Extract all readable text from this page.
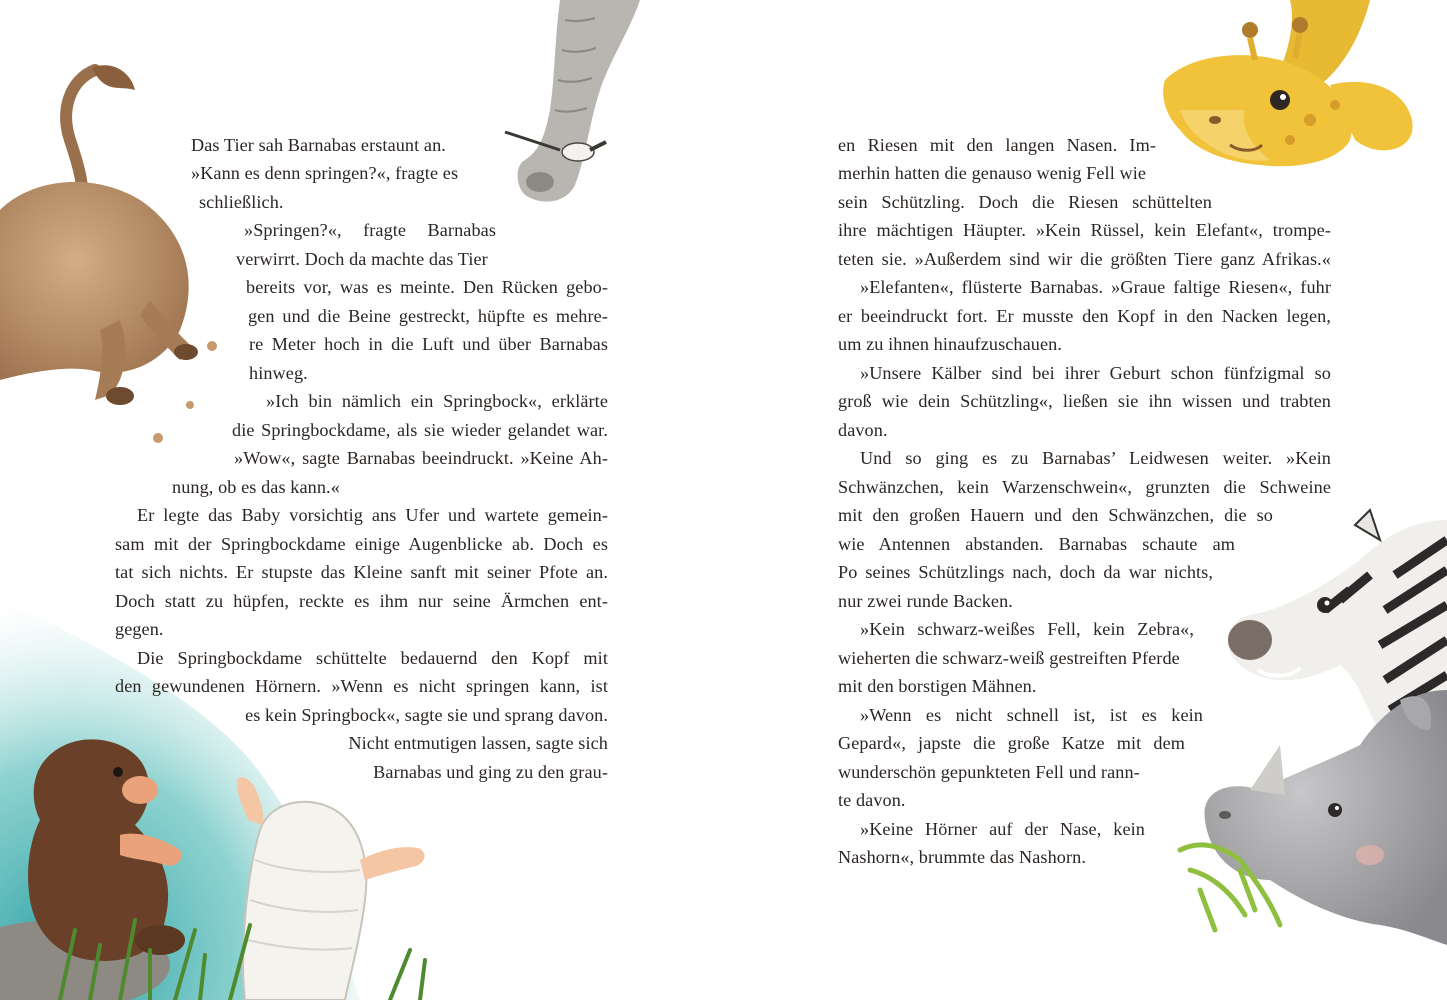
Das Tier sah Barnabas erstaunt an.
»Kann es denn springen?«, fragte es
schließlich.
»Springen?«, fragte Barnabas
verwirrt. Doch da machte das Tier
bereits vor, was es meinte. Den Rücken gebo-
gen und die Beine gestreckt, hüpfte es mehre-
re Meter hoch in die Luft und über Barnabas
hinweg.
»Ich bin nämlich ein Springbock«, erklärte
die Springbockdame, als sie wieder gelandet war.
»Wow«, sagte Barnabas beeindruckt. »Keine Ah-
nung, ob es das kann.«
Er legte das Baby vorsichtig ans Ufer und wartete gemein-
sam mit der Springbockdame einige Augenblicke ab. Doch es
tat sich nichts. Er stupste das Kleine sanft mit seiner Pfote an.
Doch statt zu hüpfen, reckte es ihm nur seine Ärmchen ent-
gegen.
Die Springbockdame schüttelte bedauernd den Kopf mit
den gewundenen Hörnern. »Wenn es nicht springen kann, ist
es kein Springbock«, sagte sie und sprang davon.
Nicht entmutigen lassen, sagte sich
Barnabas und ging zu den grau-
en Riesen mit den langen Nasen. Im-
merhin hatten die genauso wenig Fell wie
sein Schützling. Doch die Riesen schüttelten
ihre mächtigen Häupter. »Kein Rüssel, kein Elefant«, trompe-
teten sie. »Außerdem sind wir die größten Tiere ganz Afrikas.«
»Elefanten«, flüsterte Barnabas. »Graue faltige Riesen«, fuhr
er beeindruckt fort. Er musste den Kopf in den Nacken legen,
um zu ihnen hinaufzuschauen.
»Unsere Kälber sind bei ihrer Geburt schon fünfzigmal so
groß wie dein Schützling«, ließen sie ihn wissen und trabten
davon.
Und so ging es zu Barnabas’ Leidwesen weiter. »Kein
Schwänzchen, kein Warzenschwein«, grunzten die Schweine
mit den großen Hauern und den Schwänzchen, die so
wie Antennen abstanden. Barnabas schaute am
Po seines Schützlings nach, doch da war nichts,
nur zwei runde Backen.
»Kein schwarz-weißes Fell, kein Zebra«,
wieherten die schwarz-weiß gestreiften Pferde
mit den borstigen Mähnen.
»Wenn es nicht schnell ist, ist es kein
Gepard«, japste die große Katze mit dem
wunderschön gepunkteten Fell und rann-
te davon.
»Keine Hörner auf der Nase, kein
Nashorn«, brummte das Nashorn.
